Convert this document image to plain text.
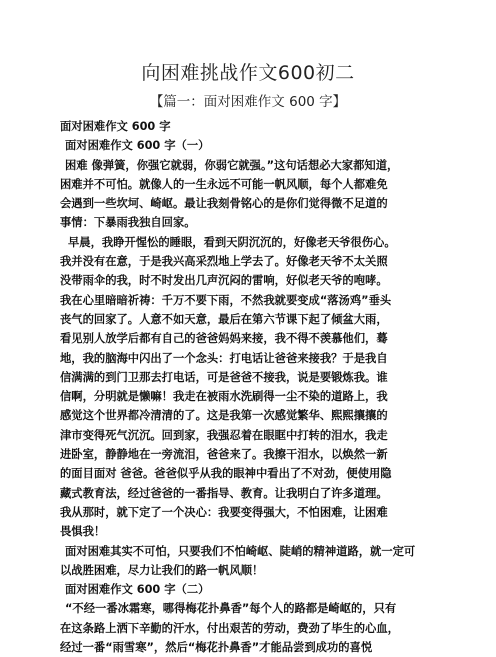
向困难挑战作文600初二
【篇一：面对困难作文 600 字】
面对困难作文 600 字
面对困难作文 600 字（一）
困难 像弹簧，你强它就弱，你弱它就强。”这句话想必大家都知道，
困难并不可怕。就像人的一生永远不可能一帆风顺，每个人都难免
会遇到一些坎坷、崎岖。最让我刻骨铭心的是你们觉得微不足道的
事情：下暴雨我独自回家。
早晨，我睁开惺忪的睡眼，看到天阴沉沉的，好像老天爷很伤心。
我并没有在意，于是我兴高采烈地上学去了。好像老天爷不太关照
没带雨伞的我，时不时发出几声沉闷的雷响，好似老天爷的咆哮。
我在心里暗暗祈祷：千万不要下雨，不然我就要变成“落汤鸡”垂头
丧气的回家了。人意不如天意，最后在第六节课下起了倾盆大雨，
看见别人放学后都有自己的爸爸妈妈来接，我不得不羡慕他们，蓦
地，我的脑海中闪出了一个念头：打电话让爸爸来接我？于是我自
信满满的到门卫那去打电话，可是爸爸不接我，说是要锻炼我。谁
信啊，分明就是懒嘛！我走在被雨水洗刷得一尘不染的道路上，我
感觉这个世界都冷清清的了。这是我第一次感觉繁华、熙熙攘攘的
津市变得死气沉沉。回到家，我强忍着在眼眶中打转的泪水，我走
进卧室，静静地在一旁流泪，爸爸来了。我擦干泪水，以焕然一新
的面目面对 爸爸。爸爸似乎从我的眼神中看出了不对劲，便使用隐
藏式教育法，经过爸爸的一番指导、教育。让我明白了许多道理。
我从那时，就下定了一个决心：我要变得强大，不怕困难，让困难
畏惧我！
面对困难其实不可怕，只要我们不怕崎岖、陡峭的精神道路，就一定可
以战胜困难，尽力让我们的路一帆风顺！
面对困难作文 600 字（二）
“不经一番冰霜寒，哪得梅花扑鼻香”每个人的路都是崎岖的，只有
在这条路上洒下辛勤的汗水，付出艰苦的劳动，费劲了毕生的心血，
经过一番“雨雪寒”，然后“梅花扑鼻香”才能品尝到成功的喜悦
